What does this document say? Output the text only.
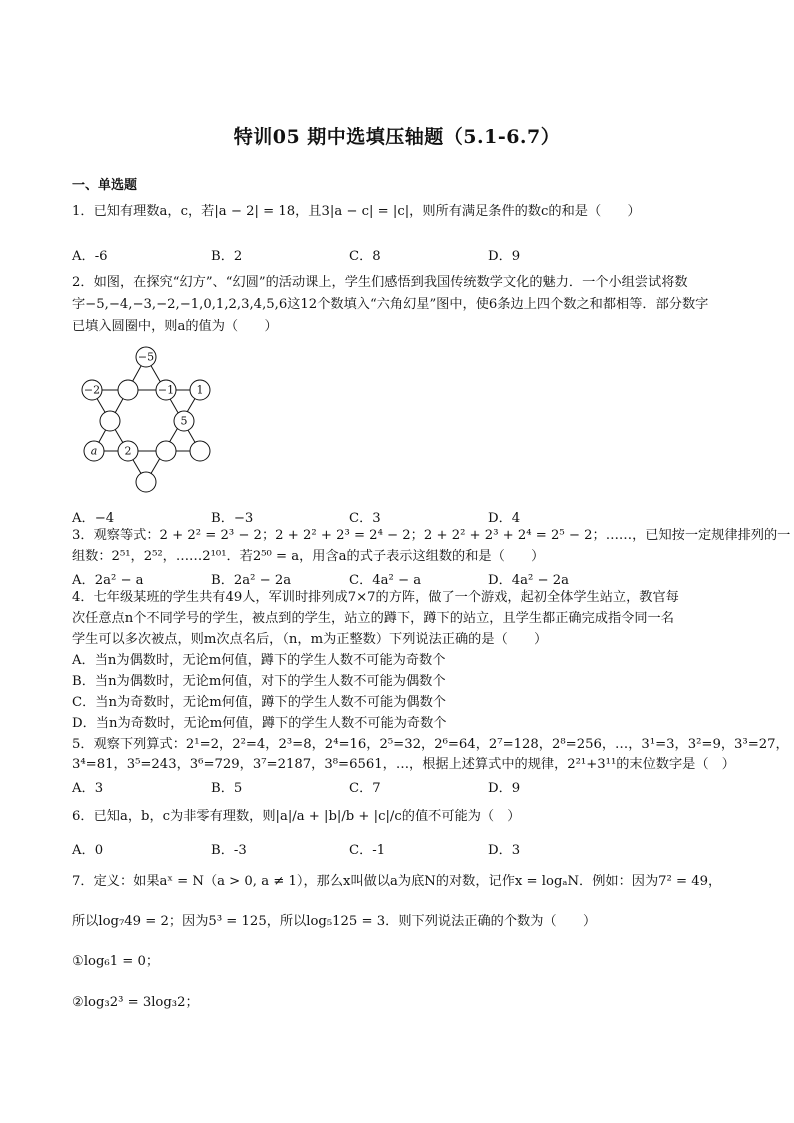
特训05 期中选填压轴题（5.1-6.7）
一、单选题
1．已知有理数a，c，若|a − 2| = 18，且3|a − c| = |c|，则所有满足条件的数c的和是（　　）
A．-6	B．2	C．8	D．9
2．如图，在探究“幻方”、“幻圆”的活动课上，学生们感悟到我国传统数学文化的魅力．一个小组尝试将数
字−5,−4,−3,−2,−1,0,1,2,3,4,5,6这12个数填入“六角幻星”图中，使6条边上四个数之和都相等．部分数字
已填入圆圈中，则a的值为（　　）
−5
−2	−1 1
5
a 2
A．−4	B．−3	C．3	D．4
3．观察等式：2 + 2² = 2³ − 2；2 + 2² + 2³ = 2⁴ − 2；2 + 2² + 2³ + 2⁴ = 2⁵ − 2；……，已知按一定规律排列的一
组数：2⁵¹，2⁵²，……2¹⁰¹．若2⁵⁰ = a，用含a的式子表示这组数的和是（　　）
A．2a² − a	B．2a² − 2a	C．4a² − a	D．4a² − 2a
4．七年级某班的学生共有49人，军训时排列成7×7的方阵，做了一个游戏，起初全体学生站立，教官每
次任意点n个不同学号的学生，被点到的学生，站立的蹲下，蹲下的站立，且学生都正确完成指令同一名
学生可以多次被点，则m次点名后，（n，m为正整数）下列说法正确的是（　　）
A．当n为偶数时，无论m何值，蹲下的学生人数不可能为奇数个
B．当n为偶数时，无论m何值，对下的学生人数不可能为偶数个
C．当n为奇数时，无论m何值，蹲下的学生人数不可能为偶数个
D．当n为奇数时，无论m何值，蹲下的学生人数不可能为奇数个
5．观察下列算式：2¹=2，2²=4，2³=8，2⁴=16，2⁵=32，2⁶=64，2⁷=128，2⁸=256，…，3¹=3，3²=9，3³=27，
3⁴=81，3⁵=243，3⁶=729，3⁷=2187，3⁸=6561，…，根据上述算式中的规律，2²¹+3¹¹的末位数字是（　）
A．3	B．5	C．7	D．9
6．已知a，b，c为非零有理数，则|a|/a + |b|/b + |c|/c的值不可能为（　）
A．0	B．-3	C．-1	D．3
7．定义：如果aˣ = N（a > 0, a ≠ 1），那么x叫做以a为底N的对数，记作x = logₐN．例如：因为7² = 49，
所以log₇49 = 2；因为5³ = 125，所以log₅125 = 3．则下列说法正确的个数为（　　）
①log₆1 = 0；
②log₃2³ = 3log₃2；
